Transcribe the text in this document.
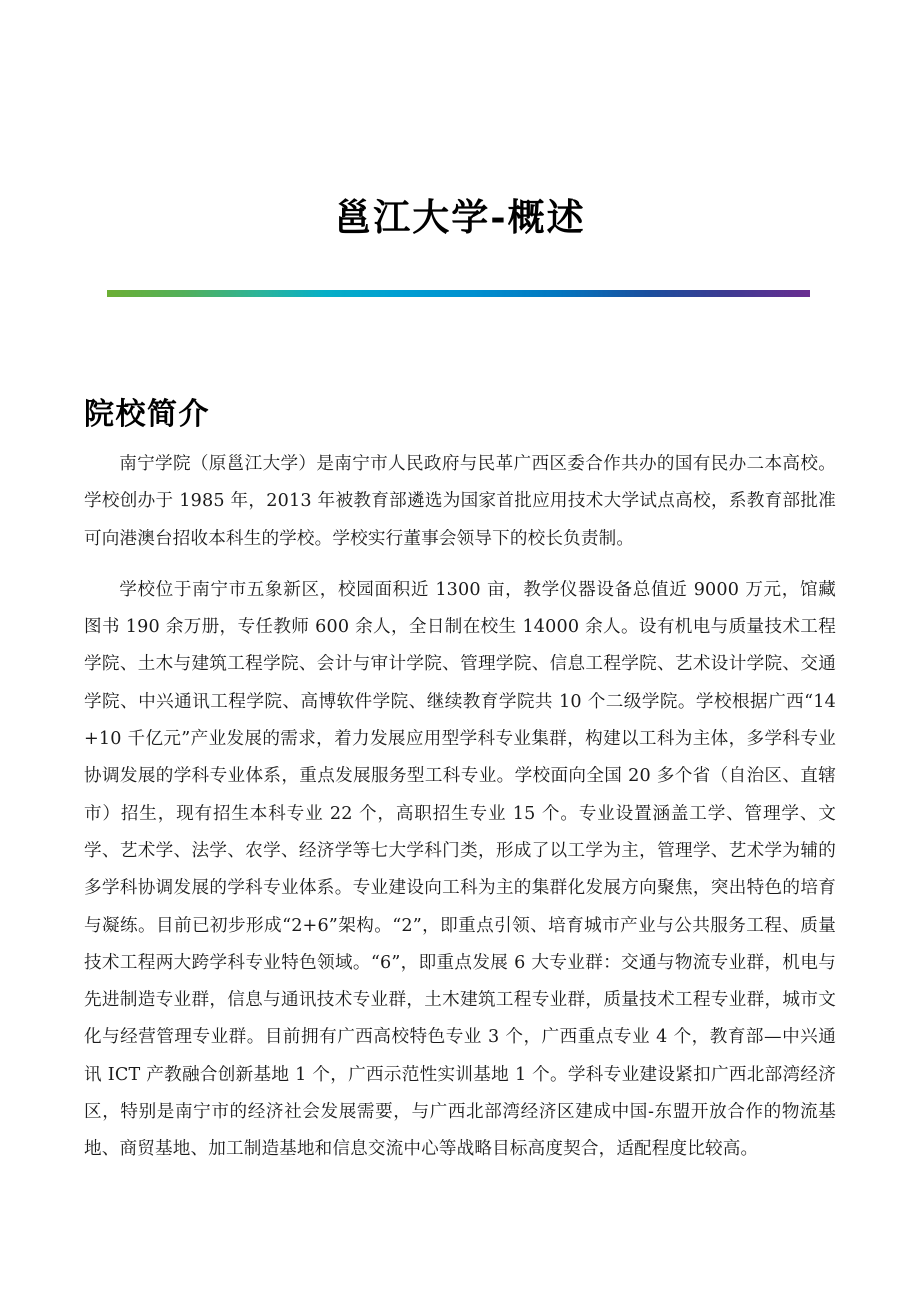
邕江大学-概述
院校简介

南宁学院（原邕江大学）是南宁市人民政府与民革广西区委合作共办的国有民办二本高校。学校创办于 1985 年，2013 年被教育部遴选为国家首批应用技术大学试点高校，系教育部批准可向港澳台招收本科生的学校。学校实行董事会领导下的校长负责制。

学校位于南宁市五象新区，校园面积近 1300 亩，教学仪器设备总值近 9000 万元，馆藏图书 190 余万册，专任教师 600 余人，全日制在校生 14000 余人。设有机电与质量技术工程学院、土木与建筑工程学院、会计与审计学院、管理学院、信息工程学院、艺术设计学院、交通学院、中兴通讯工程学院、高博软件学院、继续教育学院共 10 个二级学院。学校根据广西“14+10 千亿元”产业发展的需求，着力发展应用型学科专业集群，构建以工科为主体，多学科专业协调发展的学科专业体系，重点发展服务型工科专业。学校面向全国 20 多个省（自治区、直辖市）招生，现有招生本科专业 22 个，高职招生专业 15 个。专业设置涵盖工学、管理学、文学、艺术学、法学、农学、经济学等七大学科门类，形成了以工学为主，管理学、艺术学为辅的多学科协调发展的学科专业体系。专业建设向工科为主的集群化发展方向聚焦，突出特色的培育与凝练。目前已初步形成“2+6”架构。“2”，即重点引领、培育城市产业与公共服务工程、质量技术工程两大跨学科专业特色领域。“6”，即重点发展 6 大专业群：交通与物流专业群，机电与先进制造专业群，信息与通讯技术专业群，土木建筑工程专业群，质量技术工程专业群，城市文化与经营管理专业群。目前拥有广西高校特色专业 3 个，广西重点专业 4 个，教育部—中兴通讯 ICT 产教融合创新基地 1 个，广西示范性实训基地 1 个。学科专业建设紧扣广西北部湾经济区，特别是南宁市的经济社会发展需要，与广西北部湾经济区建成中国-东盟开放合作的物流基地、商贸基地、加工制造基地和信息交流中心等战略目标高度契合，适配程度比较高。
